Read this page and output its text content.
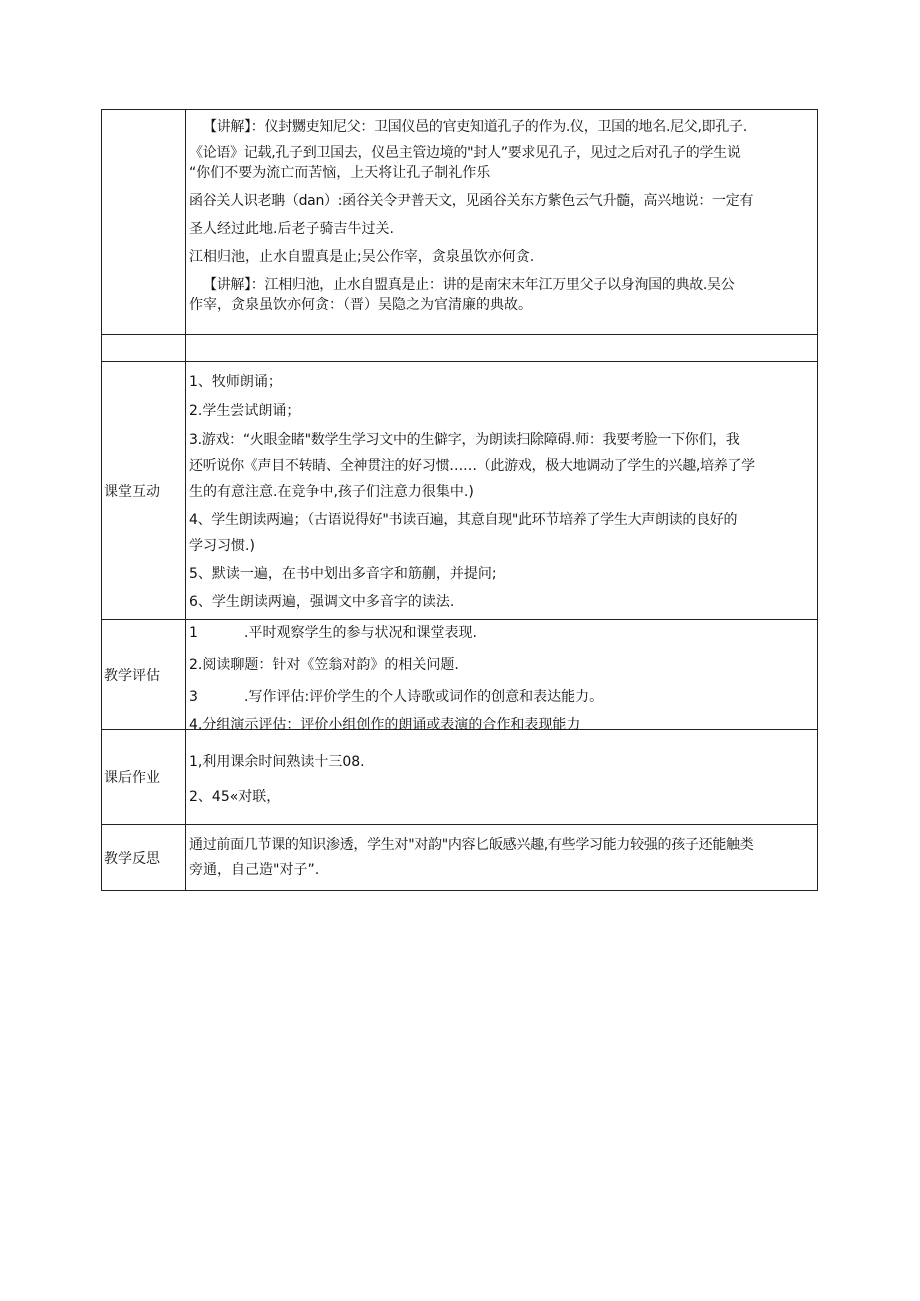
【讲解】：仪封嬲吏知尼父：卫国仪邑的官吏知道孔子的作为.仪，卫国的地名.尼父,即孔子.
《论语》记载,孔子到卫国去，仪邑主管边境的"封人”要求见孔子，见过之后对孔子的学生说
“你们不要为流亡而苦恼，上天将让孔子制礼作乐
函谷关人识老聃（dan）:函谷关令尹普天文，见函谷关东方紫色云气升髓，高兴地说：一定有
圣人经过此地.后老子骑吉牛过关.
江相归池，止水自盟真是止;吴公作宰，贪泉虽饮亦何贪.
【讲解】：江相归池，止水自盟真是止：讲的是南宋末年江万里父子以身洵国的典故.吴公
作宰，贪泉虽饮亦何贪：（晋）吴隐之为官清廉的典故。
课堂互动
1、牧师朗诵；
2.学生尝试朗诵；
3.游戏：“火眼金睹"数学生学习文中的生僻字，为朗读扫除障碍.师：我要考脸一下你们，我
还听说你《声目不转睛、全神贯注的好习惯……（此游戏，极大地调动了学生的兴趣,培养了学
生的有意注意.在竞争中,孩子们注意力很集中.)
4、学生朗读两遍；（古语说得好"书读百遍，其意自现"此环节培养了学生大声朗读的良好的
学习习惯.)
5、默读一遍，在书中划出多音字和筋蒯，并提问;
6、学生朗读两遍，强调文中多音字的读法.
教学评估
1	.平时观察学生的参与状况和课堂表现.
2.阅读聊题：针对《笠翁对韵》的相关问题.
3	.写作评估:评价学生的个人诗歌或词作的创意和表达能力。
4.分组演示评估：评价小组创作的朗诵或表演的合作和表现能力
课后作业
1,利用课余时间熟读十三08.
2、45«对联，
教学反思
通过前面几节课的知识渗透，学生对"对韵"内容匕皈感兴趣,有些学习能力较强的孩子还能触类
旁通，自己造"对子”.
